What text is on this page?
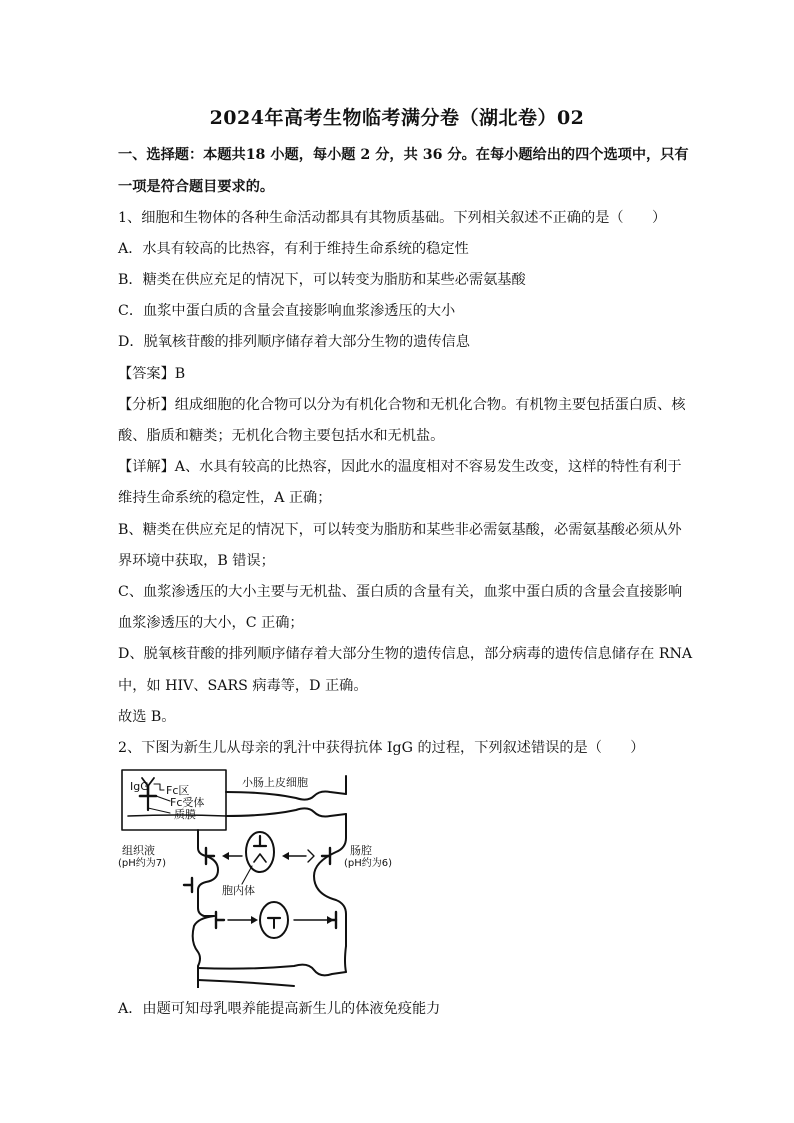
2024年高考生物临考满分卷（湖北卷）02
一、选择题：本题共18 小题，每小题 2 分，共 36 分。在每小题给出的四个选项中，只有
一项是符合题目要求的。
1、细胞和生物体的各种生命活动都具有其物质基础。下列相关叙述不正确的是（　　）
A．水具有较高的比热容，有利于维持生命系统的稳定性
B．糖类在供应充足的情况下，可以转变为脂肪和某些必需氨基酸
C．血浆中蛋白质的含量会直接影响血浆渗透压的大小
D．脱氧核苷酸的排列顺序储存着大部分生物的遗传信息
【答案】B
【分析】组成细胞的化合物可以分为有机化合物和无机化合物。有机物主要包括蛋白质、核
酸、脂质和糖类；无机化合物主要包括水和无机盐。
【详解】A、水具有较高的比热容，因此水的温度相对不容易发生改变，这样的特性有利于
维持生命系统的稳定性，A 正确；
B、糖类在供应充足的情况下，可以转变为脂肪和某些非必需氨基酸，必需氨基酸必须从外
界环境中获取，B 错误；
C、血浆渗透压的大小主要与无机盐、蛋白质的含量有关，血浆中蛋白质的含量会直接影响
血浆渗透压的大小，C 正确；
D、脱氧核苷酸的排列顺序储存着大部分生物的遗传信息，部分病毒的遗传信息储存在 RNA
中，如 HIV、SARS 病毒等，D 正确。
故选 B。
2、下图为新生儿从母亲的乳汁中获得抗体 IgG 的过程，下列叙述错误的是（　　）
IgG Fc区
Fc受体
质膜
小肠上皮细胞
组织液
(pH约为7)
肠腔
(pH约为6)
胞内体
A．由题可知母乳喂养能提高新生儿的体液免疫能力
